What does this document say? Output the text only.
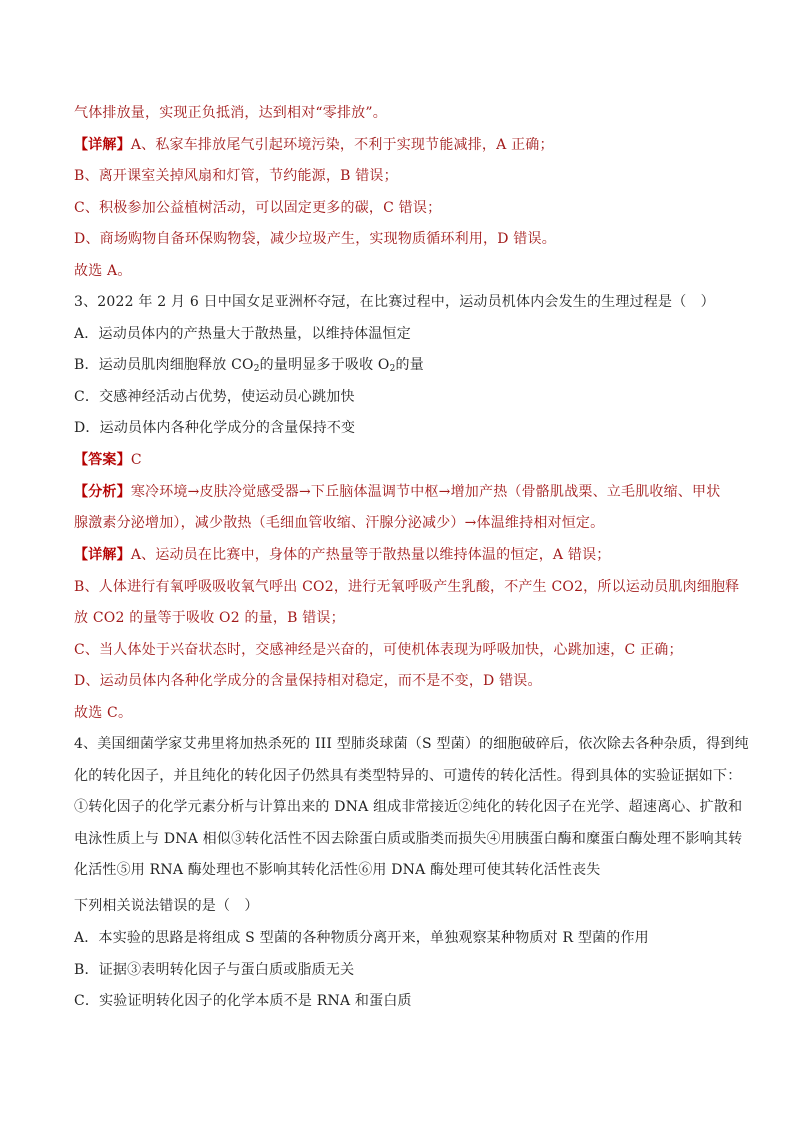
气体排放量，实现正负抵消，达到相对“零排放”。
【详解】A、私家车排放尾气引起环境污染，不利于实现节能减排，A 正确；
B、离开课室关掉风扇和灯管，节约能源，B 错误；
C、积极参加公益植树活动，可以固定更多的碳，C 错误；
D、商场购物自备环保购物袋，减少垃圾产生，实现物质循环利用，D 错误。
故选 A。
3、2022 年 2 月 6 日中国女足亚洲杯夺冠，在比赛过程中，运动员机体内会发生的生理过程是（　）
A．运动员体内的产热量大于散热量，以维持体温恒定
B．运动员肌肉细胞释放 $CO_2$的量明显多于吸收 $O_2$的量
C．交感神经活动占优势，使运动员心跳加快
D．运动员体内各种化学成分的含量保持不变
【答案】C
【分析】寒冷环境→皮肤冷觉感受器→下丘脑体温调节中枢→增加产热（骨骼肌战栗、立毛肌收缩、甲状
腺激素分泌增加），减少散热（毛细血管收缩、汗腺分泌减少）→体温维持相对恒定。
【详解】A、运动员在比赛中，身体的产热量等于散热量以维持体温的恒定，A 错误；
B、人体进行有氧呼吸吸收氧气呼出 CO2，进行无氧呼吸产生乳酸，不产生 CO2，所以运动员肌肉细胞释
放 CO2 的量等于吸收 O2 的量，B 错误；
C、当人体处于兴奋状态时，交感神经是兴奋的，可使机体表现为呼吸加快，心跳加速，C 正确；
D、运动员体内各种化学成分的含量保持相对稳定，而不是不变，D 错误。
故选 C。
4、美国细菌学家艾弗里将加热杀死的 III 型肺炎球菌（S 型菌）的细胞破碎后，依次除去各种杂质，得到纯
化的转化因子，并且纯化的转化因子仍然具有类型特异的、可遗传的转化活性。得到具体的实验证据如下：
①转化因子的化学元素分析与计算出来的 DNA 组成非常接近②纯化的转化因子在光学、超速离心、扩散和
电泳性质上与 DNA 相似③转化活性不因去除蛋白质或脂类而损失④用胰蛋白酶和糜蛋白酶处理不影响其转
化活性⑤用 RNA 酶处理也不影响其转化活性⑥用 DNA 酶处理可使其转化活性丧失
下列相关说法错误的是（　）
A．本实验的思路是将组成 S 型菌的各种物质分离开来，单独观察某种物质对 R 型菌的作用
B．证据③表明转化因子与蛋白质或脂质无关
C．实验证明转化因子的化学本质不是 RNA 和蛋白质
